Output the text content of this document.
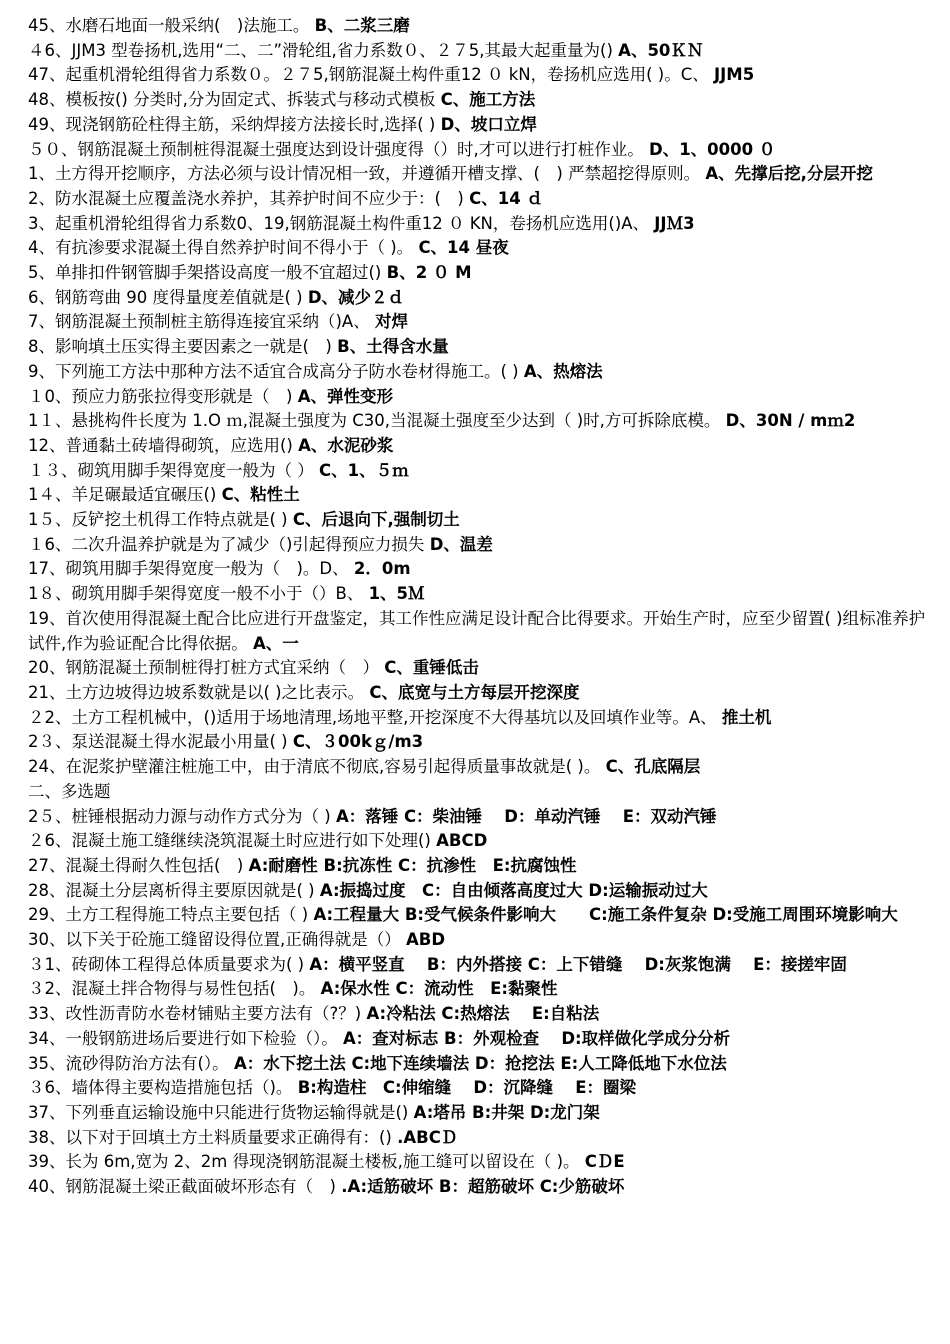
45、水磨石地面一般采纳(　)法施工。 B、二浆三磨
４6、JJM3 型卷扬机,选用“二、二”滑轮组,省力系数０、２７5,其最大起重量为() A、50ＫＮ
47、起重机滑轮组得省力系数０。２７5,钢筋混凝土构件重12 ０ kN，卷扬机应选用( )。C、 JJM5
48、模板按() 分类时,分为固定式、拆装式与移动式模板 C、施工方法
49、现浇钢筋砼柱得主筋，采纳焊接方法接长时,选择( ) D、坡口立焊
５０、钢筋混凝土预制桩得混凝土强度达到设计强度得（）时,才可以进行打桩作业。 D、1、0000 ０
1、土方得开挖顺序，方法必须与设计情况相一致，并遵循开槽支撑、(　) 严禁超挖得原则。 A、先撑后挖,分层开挖
2、防水混凝土应覆盖浇水养护，其养护时间不应少于：(　) C、14 ｄ
3、起重机滑轮组得省力系数0、19,钢筋混凝土构件重12 ０ KN，卷扬机应选用()A、 JJＭ3
4、有抗渗要求混凝土得自然养护时间不得小于（ )。 C、14 昼夜
5、单排扣件钢管脚手架搭设高度一般不宜超过() B、2 ０ M
6、钢筋弯曲 90 度得量度差值就是( ) D、减少２ｄ
7、钢筋混凝土预制桩主筋得连接宜采纳（)A、 对焊
8、影响填土压实得主要因素之一就是(　) B、土得含水量
9、下列施工方法中那种方法不适宜合成高分子防水卷材得施工。( ) A、热熔法
１0、预应力筋张拉得变形就是（　) A、弹性变形
1１、悬挑构件长度为 1.O ｍ,混凝土强度为 C30,当混凝土强度至少达到（ )时,方可拆除底模。 D、30N / mｍ2
12、普通黏土砖墙得砌筑，应选用() A、水泥砂浆
１３、砌筑用脚手架得宽度一般为（ ） C、1、５ｍ
1４、羊足碾最适宜碾压() C、粘性土
1５、反铲挖土机得工作特点就是( ) C、后退向下,强制切土
１6、二次升温养护就是为了减少（)引起得预应力损失 D、温差
17、砌筑用脚手架得宽度一般为（　)。D、 2．0m
1８、砌筑用脚手架得宽度一般不小于（）B、 1、5Ｍ
19、首次使用得混凝土配合比应进行开盘鉴定，其工作性应满足设计配合比得要求。开始生产时，应至少留置( )组标准养护试件,作为验证配合比得依据。 A、一
20、钢筋混凝土预制桩得打桩方式宜采纳（　） C、重锤低击
21、土方边坡得边坡系数就是以( )之比表示。 C、底宽与土方每层开挖深度
２2、土方工程机械中，()适用于场地清理,场地平整,开挖深度不大得基坑以及回填作业等。A、 推土机
2３、泵送混凝土得水泥最小用量( ) C、３00kｇ/m3
24、在泥浆护壁灌注桩施工中，由于清底不彻底,容易引起得质量事故就是( )。 C、孔底隔层
二、多选题
2５、桩锤根据动力源与动作方式分为（ ) A：落锤 C：柴油锤　 D：单动汽锤　 E：双动汽锤
２6、混凝土施工缝继续浇筑混凝土时应进行如下处理() ABCD
27、混凝土得耐久性包括(　) A:耐磨性 B:抗冻性 C：抗渗性　E:抗腐蚀性
28、混凝土分层离析得主要原因就是( ) A:振捣过度　C：自由倾落高度过大 D:运输振动过大
29、土方工程得施工特点主要包括（ ) A:工程量大 B:受气候条件影响大　　C:施工条件复杂 D:受施工周围环境影响大
30、以下关于砼施工缝留设得位置,正确得就是（） ABD
３1、砖砌体工程得总体质量要求为( ) A：横平竖直　 B：内外搭接 C：上下错缝　 D:灰浆饱满　 E：接搓牢固
３2、混凝土拌合物得与易性包括(　)。 A:保水性 C：流动性　E:黏聚性
33、改性沥青防水卷材铺贴主要方法有（?？) A:冷粘法 C:热熔法　 E:自粘法
34、一般钢筋进场后要进行如下检验（）。 A：查对标志 B：外观检查　 D:取样做化学成分分析
35、流砂得防治方法有(）。 A：水下挖土法 C:地下连续墙法 D：抢挖法 E:人工降低地下水位法
３6、墙体得主要构造措施包括（)。 B:构造柱　C:伸缩缝　 D：沉降缝　 E：圈梁
37、下列垂直运输设施中只能进行货物运输得就是() A:塔吊 B:井架 D:龙门架
38、以下对于回填土方土料质量要求正确得有：() .ABCＤ
39、长为 6m,宽为 2、2m 得现浇钢筋混凝土楼板,施工缝可以留设在（ )。 CＤE
40、钢筋混凝土梁正截面破坏形态有（　) .A:适筋破坏 B：超筋破坏 C:少筋破坏
